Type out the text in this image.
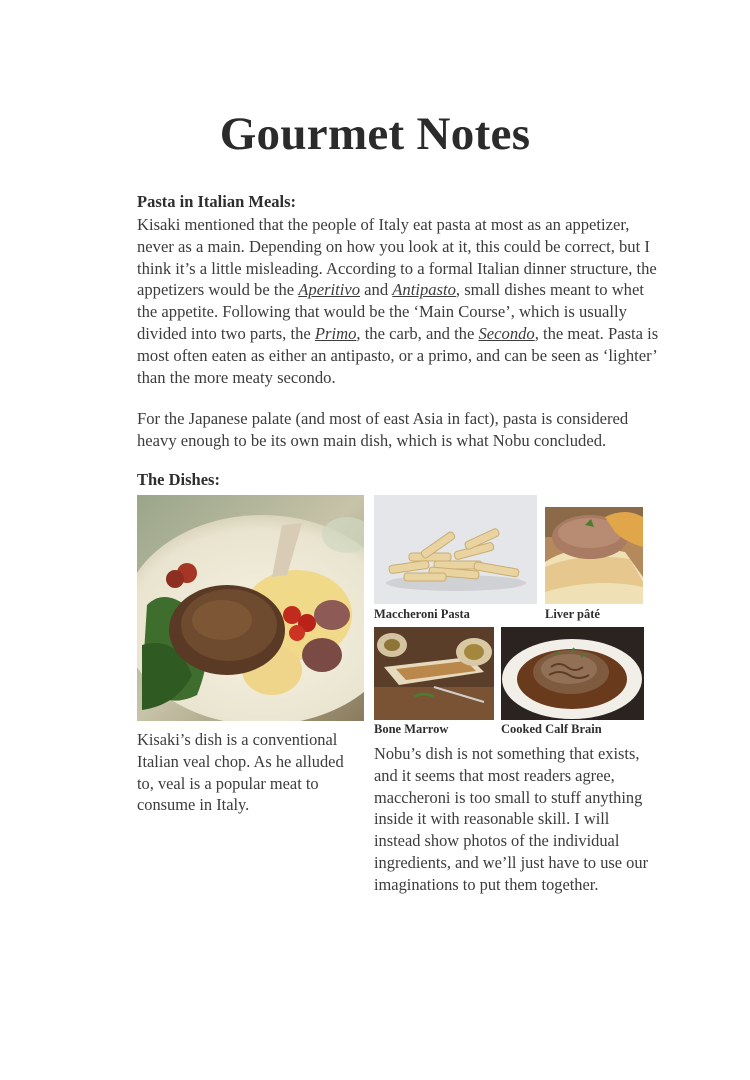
Gourmet Notes
Pasta in Italian Meals:
Kisaki mentioned that the people of Italy eat pasta at most as an appetizer, never as a main. Depending on how you look at it, this could be correct, but I think it’s a little misleading. According to a formal Italian dinner structure, the appetizers would be the Aperitivo and Antipasto, small dishes meant to whet the appetite. Following that would be the ‘Main Course’, which is usually divided into two parts, the Primo, the carb, and the Secondo, the meat. Pasta is most often eaten as either an antipasto, or a primo, and can be seen as ‘lighter’ than the more meaty secondo.
For the Japanese palate (and most of east Asia in fact), pasta is considered heavy enough to be its own main dish, which is what Nobu concluded.
The Dishes:
Maccheroni Pasta	Liver pâté
Bone Marrow	Cooked Calf Brain
Kisaki’s dish is a conventional Italian veal chop. As he alluded to, veal is a popular meat to consume in Italy.
Nobu’s dish is not something that exists, and it seems that most readers agree, maccheroni is too small to stuff anything inside it with reasonable skill. I will instead show photos of the individual ingredients, and we’ll just have to use our imaginations to put them together.
